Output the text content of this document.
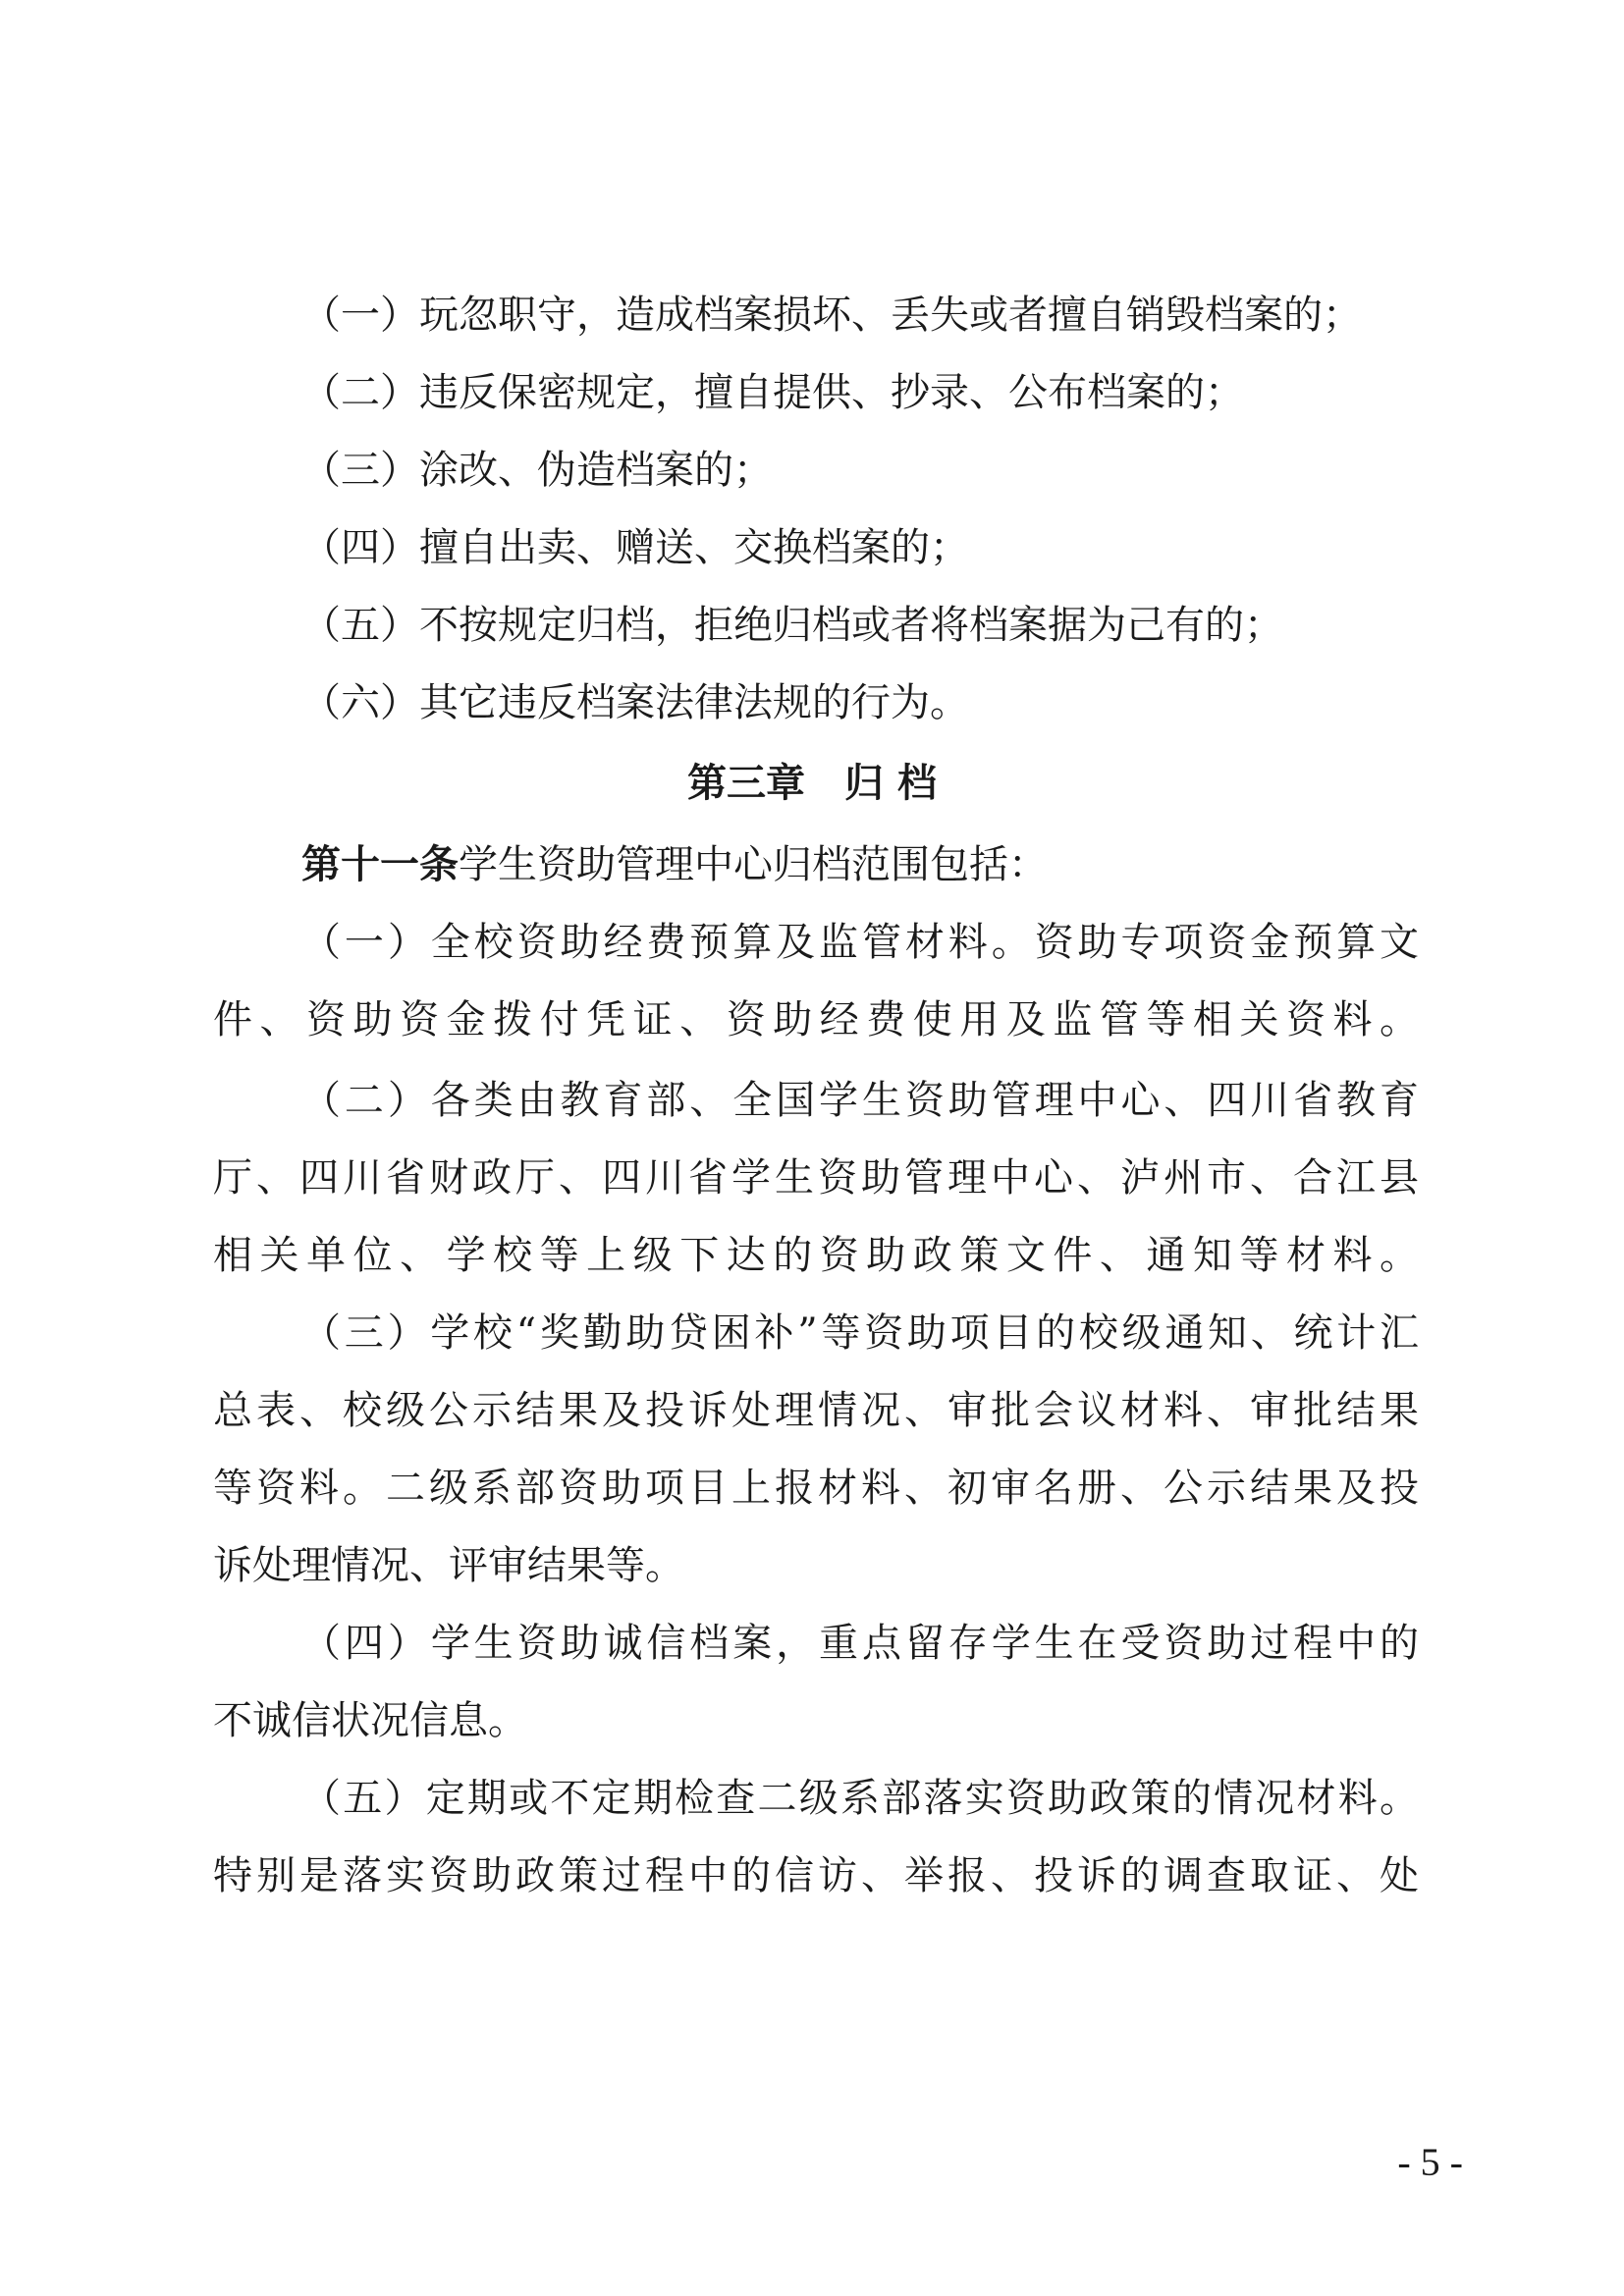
（一）玩忽职守，造成档案损坏、丢失或者擅自销毁档案的；

（二）违反保密规定，擅自提供、抄录、公布档案的；

（三）涂改、伪造档案的；

（四）擅自出卖、赠送、交换档案的；

（五）不按规定归档，拒绝归档或者将档案据为己有的；

（六）其它违反档案法律法规的行为。

第三章　归 档

第十一条学生资助管理中心归档范围包括：

（一）全校资助经费预算及监管材料。资助专项资金预算文

件、资助资金拨付凭证、资助经费使用及监管等相关资料。

（二）各类由教育部、全国学生资助管理中心、四川省教育

厅、四川省财政厅、四川省学生资助管理中心、泸州市、合江县

相关单位、学校等上级下达的资助政策文件、通知等材料。

（三）学校“奖勤助贷困补”等资助项目的校级通知、统计汇

总表、校级公示结果及投诉处理情况、审批会议材料、审批结果

等资料。二级系部资助项目上报材料、初审名册、公示结果及投

诉处理情况、评审结果等。

（四）学生资助诚信档案，重点留存学生在受资助过程中的

不诚信状况信息。

（五）定期或不定期检查二级系部落实资助政策的情况材料。

特别是落实资助政策过程中的信访、举报、投诉的调查取证、处

- 5 -
